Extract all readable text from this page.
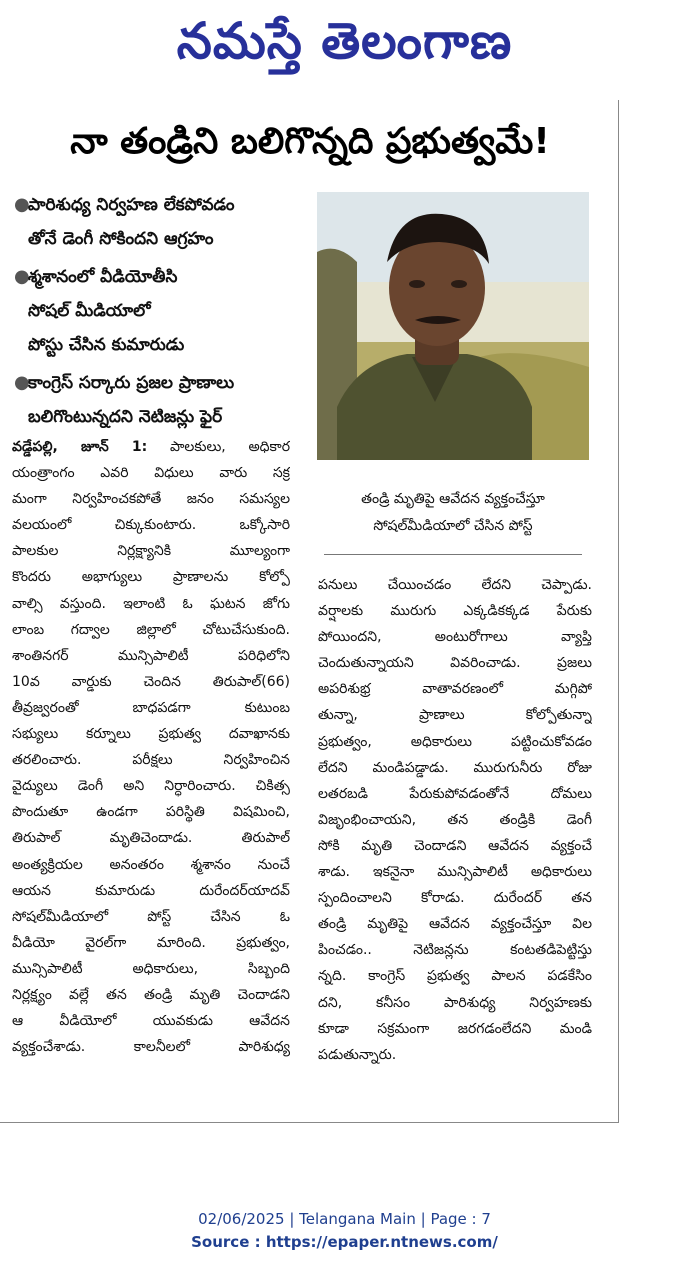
నమస్తే తెలంగాణ
నా తండ్రిని బలిగొన్నది ప్రభుత్వమే!
●
పారిశుధ్య నిర్వహణ లేకపోవడం
తోనే డెంగీ సోకిందని ఆగ్రహం
●
శ్మశానంలో వీడియోతీసి
సోషల్ మీడియాలో
పోస్టు చేసిన కుమారుడు
●
కాంగ్రెస్ సర్కారు ప్రజల ప్రాణాలు
బలిగొంటున్నదని నెటిజన్లు ఫైర్
తండ్రి మృతిపై ఆవేదన వ్యక్తంచేస్తూ
సోషల్‌మీడియాలో చేసిన పోస్ట్
వడ్డేపల్లి, జూన్ 1: పాలకులు, అధికార
యంత్రాంగం ఎవరి విధులు వారు సక్ర
మంగా నిర్వహించకపోతే జనం సమస్యల
వలయంలో చిక్కుకుంటారు. ఒక్కోసారి
పాలకుల నిర్లక్ష్యానికి మూల్యంగా
కొందరు అభాగ్యులు ప్రాణాలను కోల్పో
వాల్సి వస్తుంది. ఇలాంటి ఓ ఘటన జోగు
లాంబ గద్వాల జిల్లాలో చోటుచేసుకుంది.
శాంతినగర్ మున్సిపాలిటీ పరిధిలోని
10వ వార్డుకు చెందిన తిరుపాల్(66)
తీవ్రజ్వరంతో బాధపడగా కుటుంబ
సభ్యులు కర్నూలు ప్రభుత్వ దవాఖానకు
తరలించారు. పరీక్షలు నిర్వహించిన
వైద్యులు డెంగీ అని నిర్ధారించారు. చికిత్స
పొందుతూ ఉండగా పరిస్థితి విషమించి,
తిరుపాల్ మృతిచెందాడు. తిరుపాల్
అంత్యక్రియల అనంతరం శ్మశానం నుంచే
ఆయన కుమారుడు దురేందర్‌యాదవ్
సోషల్‌మీడియాలో పోస్ట్ చేసిన ఓ
వీడియో వైరల్‌గా మారింది. ప్రభుత్వం,
మున్సిపాలిటీ అధికారులు, సిబ్బంది
నిర్లక్ష్యం వల్లే తన తండ్రి మృతి చెందాడని
ఆ వీడియోలో యువకుడు ఆవేదన
వ్యక్తంచేశాడు. కాలనీలలో పారిశుధ్య
పనులు చేయించడం లేదని చెప్పాడు.
వర్షాలకు మురుగు ఎక్కడికక్కడ పేరుకు
పోయిందని, అంటురోగాలు వ్యాప్తి
చెందుతున్నాయని వివరించాడు. ప్రజలు
అపరిశుభ్ర వాతావరణంలో మగ్గిపో
తున్నా, ప్రాణాలు కోల్పోతున్నా
ప్రభుత్వం, అధికారులు పట్టించుకోవడం
లేదని మండిపడ్డాడు. మురుగునీరు రోజు
లతరబడి పేరుకుపోవడంతోనే దోమలు
విజృంభించాయని, తన తండ్రికి డెంగీ
సోకి మృతి చెందాడని ఆవేదన వ్యక్తంచే
శాడు. ఇకనైనా మున్సిపాలిటీ అధికారులు
స్పందించాలని కోరాడు. దురేందర్ తన
తండ్రి మృతిపై ఆవేదన వ్యక్తంచేస్తూ విల
పించడం.. నెటిజన్లను కంటతడిపెట్టిస్తు
న్నది. కాంగ్రెస్ ప్రభుత్వ పాలన పడకేసిం
దని, కనీసం పారిశుధ్య నిర్వహణకు
కూడా సక్రమంగా జరగడంలేదని మండి
పడుతున్నారు.
02/06/2025 | Telangana Main | Page : 7
Source : https://epaper.ntnews.com/
